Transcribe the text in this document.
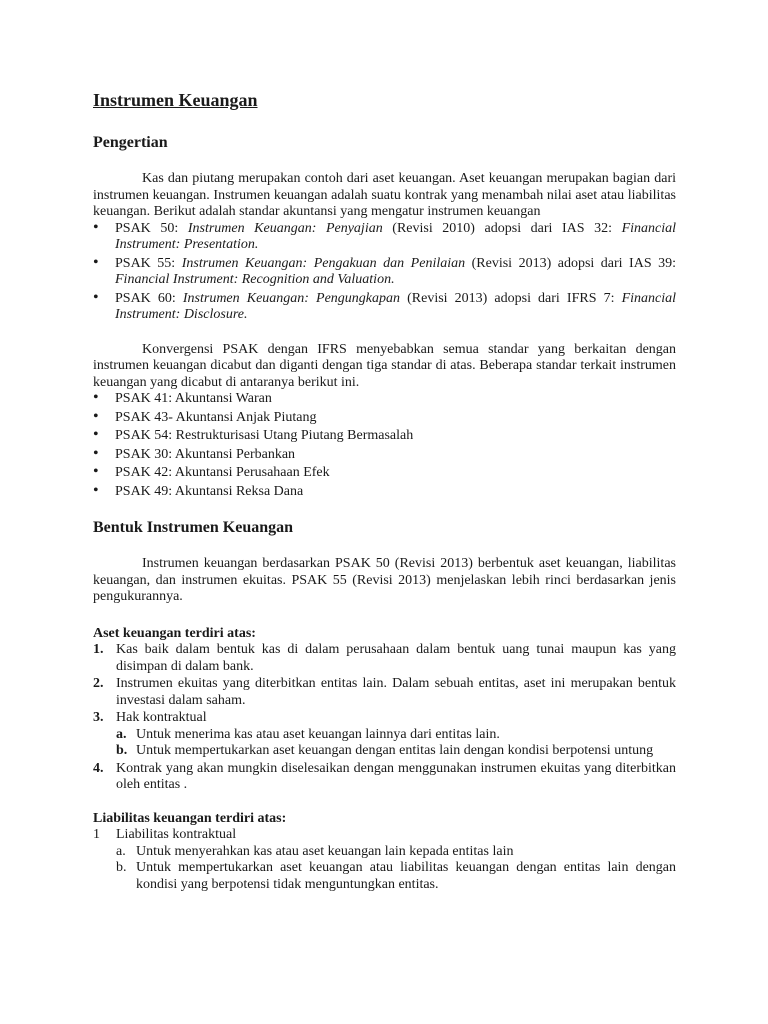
Instrumen Keuangan
Pengertian

Kas dan piutang merupakan contoh dari aset keuangan. Aset keuangan merupakan bagian dari instrumen keuangan. Instrumen keuangan adalah suatu kontrak yang menambah nilai aset atau liabilitas keuangan. Berikut adalah standar akuntansi yang mengatur instrumen keuangan

• PSAK 50: Instrumen Keuangan: Penyajian (Revisi 2010) adopsi dari IAS 32: Financial Instrument: Presentation.
• PSAK 55: Instrumen Keuangan: Pengakuan dan Penilaian (Revisi 2013) adopsi dari IAS 39: Financial Instrument: Recognition and Valuation.
• PSAK 60: Instrumen Keuangan: Pengungkapan (Revisi 2013) adopsi dari IFRS 7: Financial Instrument: Disclosure.

Konvergensi PSAK dengan IFRS menyebabkan semua standar yang berkaitan dengan instrumen keuangan dicabut dan diganti dengan tiga standar di atas. Beberapa standar terkait instrumen keuangan yang dicabut di antaranya berikut ini.

• PSAK 41: Akuntansi Waran
• PSAK 43- Akuntansi Anjak Piutang
• PSAK 54: Restrukturisasi Utang Piutang Bermasalah
• PSAK 30: Akuntansi Perbankan
• PSAK 42: Akuntansi Perusahaan Efek
• PSAK 49: Akuntansi Reksa Dana
Bentuk Instrumen Keuangan

Instrumen keuangan berdasarkan PSAK 50 (Revisi 2013) berbentuk aset keuangan, liabilitas keuangan, dan instrumen ekuitas. PSAK 55 (Revisi 2013) menjelaskan lebih rinci berdasarkan jenis pengukurannya.

Aset keuangan terdiri atas:
1. Kas baik dalam bentuk kas di dalam perusahaan dalam bentuk uang tunai maupun kas yang disimpan di dalam bank.
2. Instrumen ekuitas yang diterbitkan entitas lain. Dalam sebuah entitas, aset ini merupakan bentuk investasi dalam saham.
3. Hak kontraktual
a. Untuk menerima kas atau aset keuangan lainnya dari entitas lain.
b. Untuk mempertukarkan aset keuangan dengan entitas lain dengan kondisi berpotensi untung
4. Kontrak yang akan mungkin diselesaikan dengan menggunakan instrumen ekuitas yang diterbitkan oleh entitas .
Liabilitas keuangan terdiri atas:
1 Liabilitas kontraktual
a. Untuk menyerahkan kas atau aset keuangan lain kepada entitas lain
b. Untuk mempertukarkan aset keuangan atau liabilitas keuangan dengan entitas lain dengan kondisi yang berpotensi tidak menguntungkan entitas.
